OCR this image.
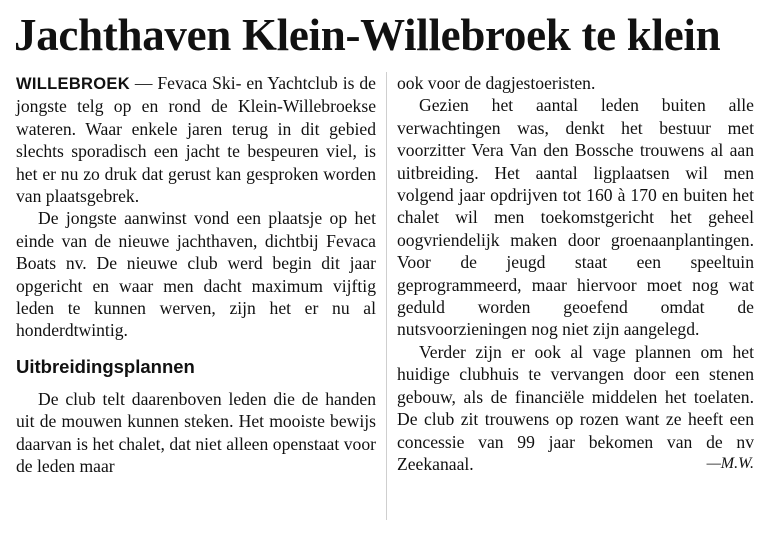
Jachthaven Klein-Willebroek te klein

WILLEBROEK — Fevaca Ski- en Yachtclub is de jongste telg op en rond de Klein-Willebroekse wateren. Waar enkele jaren terug in dit gebied slechts sporadisch een jacht te bespeuren viel, is het er nu zo druk dat gerust kan gesproken worden van plaatsgebrek.

De jongste aanwinst vond een plaatsje op het einde van de nieuwe jachthaven, dichtbij Fevaca Boats nv. De nieuwe club werd begin dit jaar opgericht en waar men dacht maximum vijftig leden te kunnen werven, zijn het er nu al honderdtwintig.

Uitbreidingsplannen

De club telt daarenboven leden die de handen uit de mouwen kunnen steken. Het mooiste bewijs daarvan is het chalet, dat niet alleen openstaat voor de leden maar

ook voor de dagjestoeristen.

Gezien het aantal leden buiten alle verwachtingen was, denkt het bestuur met voorzitter Vera Van den Bossche trouwens al aan uitbreiding. Het aantal ligplaatsen wil men volgend jaar opdrijven tot 160 à 170 en buiten het chalet wil men toekomstgericht het geheel oogvriendelijk maken door groenaanplantingen. Voor de jeugd staat een speeltuin geprogrammeerd, maar hiervoor moet nog wat geduld worden geoefend omdat de nutsvoorzieningen nog niet zijn aangelegd.

Verder zijn er ook al vage plannen om het huidige clubhuis te vervangen door een stenen gebouw, als de financiële middelen het toelaten. De club zit trouwens op rozen want ze heeft een concessie van 99 jaar bekomen van de nv Zeekanaal.	—M.W.
